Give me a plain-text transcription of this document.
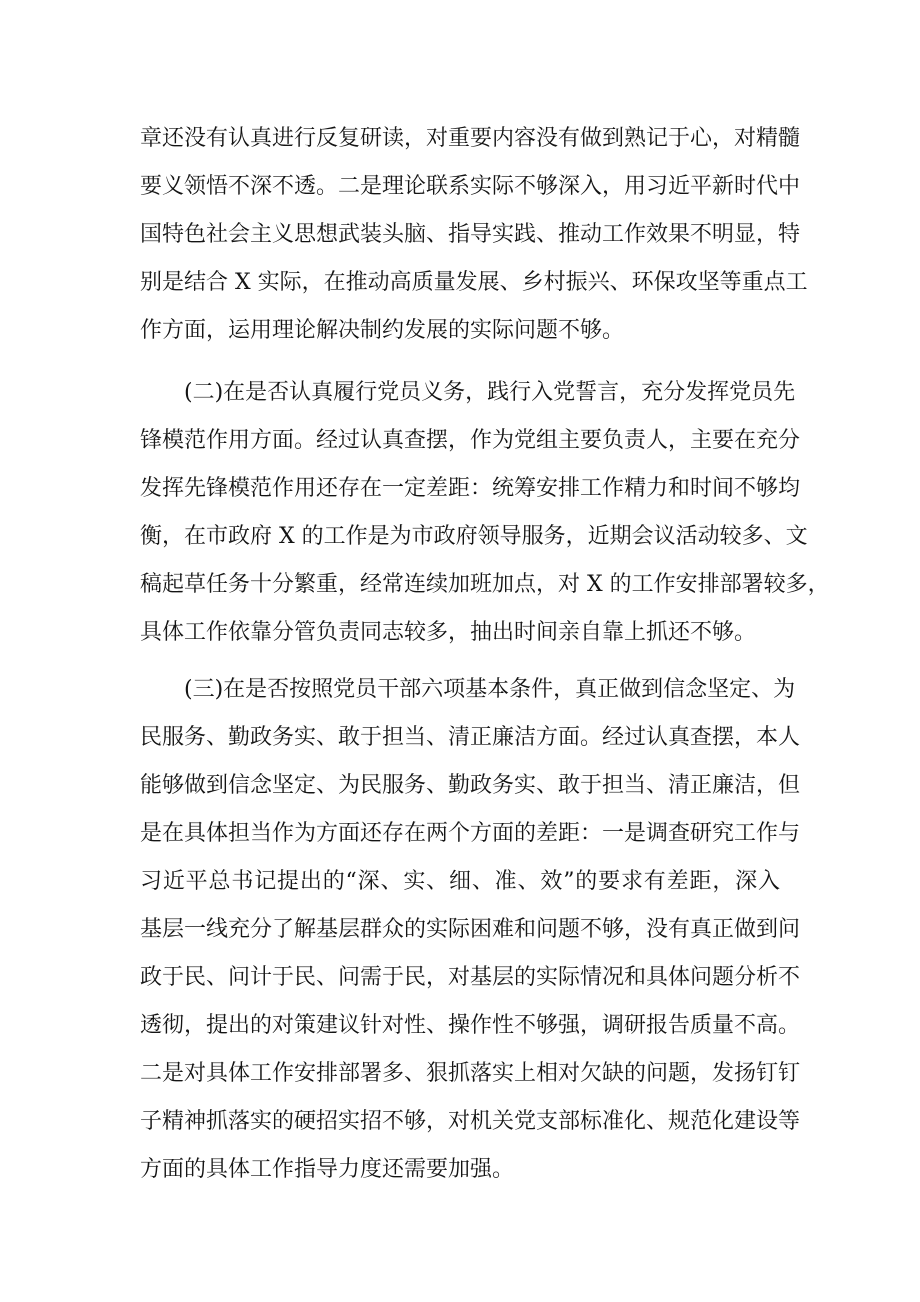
章还没有认真进行反复研读，对重要内容没有做到熟记于心，对精髓
要义领悟不深不透。二是理论联系实际不够深入，用习近平新时代中
国特色社会主义思想武装头脑、指导实践、推动工作效果不明显，特
别是结合 X 实际，在推动高质量发展、乡村振兴、环保攻坚等重点工
作方面，运用理论解决制约发展的实际问题不够。
(二)在是否认真履行党员义务，践行入党誓言，充分发挥党员先
锋模范作用方面。经过认真查摆，作为党组主要负责人，主要在充分
发挥先锋模范作用还存在一定差距：统筹安排工作精力和时间不够均
衡，在市政府 X 的工作是为市政府领导服务，近期会议活动较多、文
稿起草任务十分繁重，经常连续加班加点，对 X 的工作安排部署较多，
具体工作依靠分管负责同志较多，抽出时间亲自靠上抓还不够。
(三)在是否按照党员干部六项基本条件，真正做到信念坚定、为
民服务、勤政务实、敢于担当、清正廉洁方面。经过认真查摆，本人
能够做到信念坚定、为民服务、勤政务实、敢于担当、清正廉洁，但
是在具体担当作为方面还存在两个方面的差距：一是调查研究工作与
习近平总书记提出的“深、实、细、准、效”的要求有差距，深入
基层一线充分了解基层群众的实际困难和问题不够，没有真正做到问
政于民、问计于民、问需于民，对基层的实际情况和具体问题分析不
透彻，提出的对策建议针对性、操作性不够强，调研报告质量不高。
二是对具体工作安排部署多、狠抓落实上相对欠缺的问题，发扬钉钉
子精神抓落实的硬招实招不够，对机关党支部标准化、规范化建设等
方面的具体工作指导力度还需要加强。
